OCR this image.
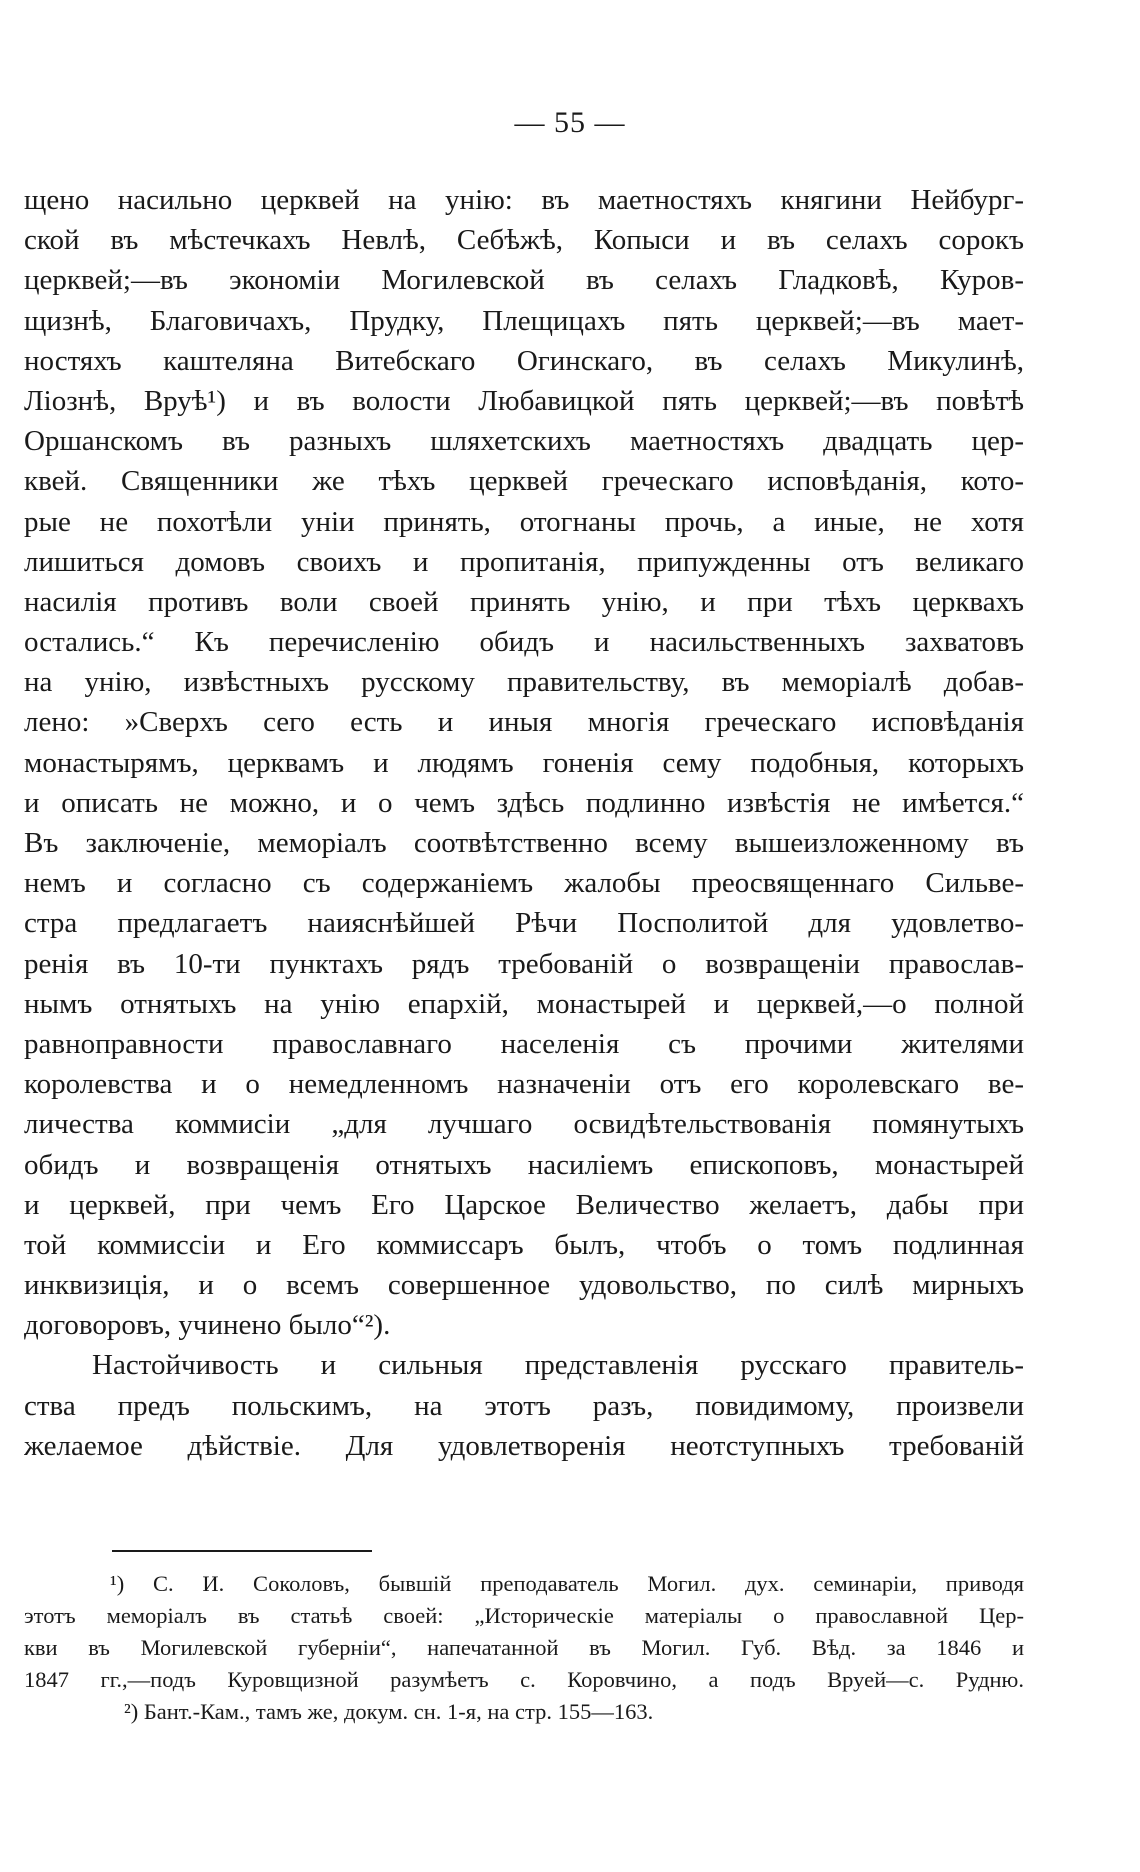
— 55 —
щено насильно церквей на унію: въ маетностяхъ княгини Нейбург-
ской въ мѣстечкахъ Невлѣ, Себѣжѣ, Копыси и въ селахъ сорокъ
церквей;—въ экономіи Могилевской въ селахъ Гладковѣ, Куров-
щизнѣ, Благовичахъ, Прудку, Плещицахъ пять церквей;—въ мает-
ностяхъ каштеляна Витебскаго Огинскаго, въ селахъ Микулинѣ,
Ліознѣ, Вруѣ¹) и въ волости Любавицкой пять церквей;—въ повѣтѣ
Оршанскомъ въ разныхъ шляхетскихъ маетностяхъ двадцать цер-
квей. Священники же тѣхъ церквей греческаго исповѣданія, кото-
рые не похотѣли уніи принять, отогнаны прочь, а иные, не хотя
лишиться домовъ своихъ и пропитанія, припужденны отъ великаго
насилія противъ воли своей принять унію, и при тѣхъ церквахъ
остались.“ Къ перечисленію обидъ и насильственныхъ захватовъ
на унію, извѣстныхъ русскому правительству, въ меморіалѣ добав-
лено: »Сверхъ сего есть и иныя многія греческаго исповѣданія
монастырямъ, церквамъ и людямъ гоненія сему подобныя, которыхъ
и описать не можно, и о чемъ здѣсь подлинно извѣстія не имѣется.“
Въ заключеніе, меморіалъ соотвѣтственно всему вышеизложенному въ
немъ и согласно съ содержаніемъ жалобы преосвященнаго Сильве-
стра предлагаетъ наияснѣйшей Рѣчи Посполитой для удовлетво-
ренія въ 10-ти пунктахъ рядъ требованій о возвращеніи православ-
нымъ отнятыхъ на унію епархій, монастырей и церквей,—о полной
равноправности православнаго населенія съ прочими жителями
королевства и о немедленномъ назначеніи отъ его королевскаго ве-
личества коммисіи „для лучшаго освидѣтельствованія помянутыхъ
обидъ и возвращенія отнятыхъ насиліемъ епископовъ, монастырей
и церквей, при чемъ Его Царское Величество желаетъ, дабы при
той коммиссіи и Его коммиссаръ былъ, чтобъ о томъ подлинная
инквизиція, и о всемъ совершенное удовольство, по силѣ мирныхъ
договоровъ, учинено было“²).
Настойчивость и сильныя представленія русскаго правитель-
ства предъ польскимъ, на этотъ разъ, повидимому, произвели
желаемое дѣйствіе. Для удовлетворенія неотступныхъ требованій
¹) С. И. Соколовъ, бывшій преподаватель Могил. дух. семинаріи, приводя
этотъ меморіалъ въ статьѣ своей: „Историческіе матеріалы о православной Цер-
кви въ Могилевской губерніи“, напечатанной въ Могил. Губ. Вѣд. за 1846 и
1847 гг.,—подъ Куровщизной разумѣетъ с. Коровчино, а подъ Вруей—с. Рудню.
²) Бант.-Кам., тамъ же, докум. сн. 1-я, на стр. 155—163.
